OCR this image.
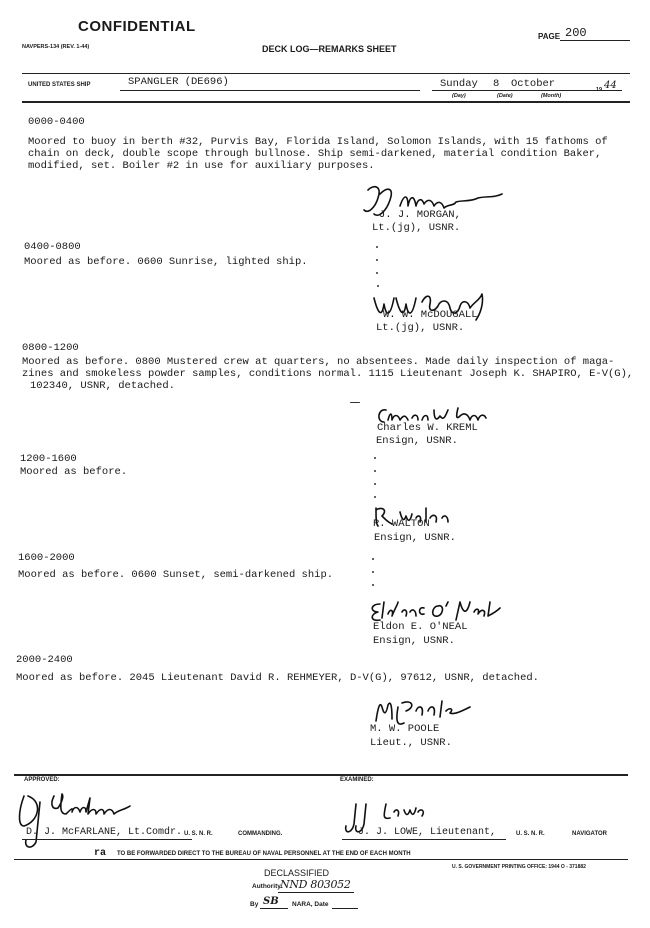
CONFIDENTIAL
PAGE 200
NAVPERS-134 (REV. 1-44)	DECK LOG—REMARKS SHEET
UNITED STATES SHIP	SPANGLER (DE696)	Sunday 8 October	19 44
(Day)	(Date)	(Month)
0000-0400
Moored to buoy in berth #32, Purvis Bay, Florida Island, Solomon Islands, with 15 fathoms of
chain on deck, double scope through bullnose. Ship semi-darkened, material condition Baker,
modified, set. Boiler #2 in use for auxiliary purposes.
J. J. MORGAN,
Lt.(jg), USNR.
0400-0800
Moored as before. 0600 Sunrise, lighted ship.
W. W. McDOUGALL
Lt.(jg), USNR.
0800-1200
Moored as before. 0800 Mustered crew at quarters, no absentees. Made daily inspection of maga-
zines and smokeless powder samples, conditions normal. 1115 Lieutenant Joseph K. SHAPIRO, E-V(G),
102340, USNR, detached.
Charles W. KREML
Ensign, USNR.
1200-1600
Moored as before.
R. WALTON
Ensign, USNR.
1600-2000
Moored as before. 0600 Sunset, semi-darkened ship.
Eldon E. O'NEAL
Ensign, USNR.
2000-2400
Moored as before. 2045 Lieutenant David R. REHMEYER, D-V(G), 97612, USNR, detached.
M. W. POOLE
Lieut., USNR.
APPROVED:	EXAMINED:
D. J. McFARLANE, Lt.Comdr. U. S. N. R.	COMMANDING.	J. J. LOWE, Lieutenant,	U. S. N. R.	NAVIGATOR
ra TO BE FORWARDED DIRECT TO THE BUREAU OF NAVAL PERSONNEL AT THE END OF EACH MONTH
U. S. GOVERNMENT PRINTING OFFICE: 1944 O - 371882
DECLASSIFIED
Authority NND 803052
By SB NARA, Date
